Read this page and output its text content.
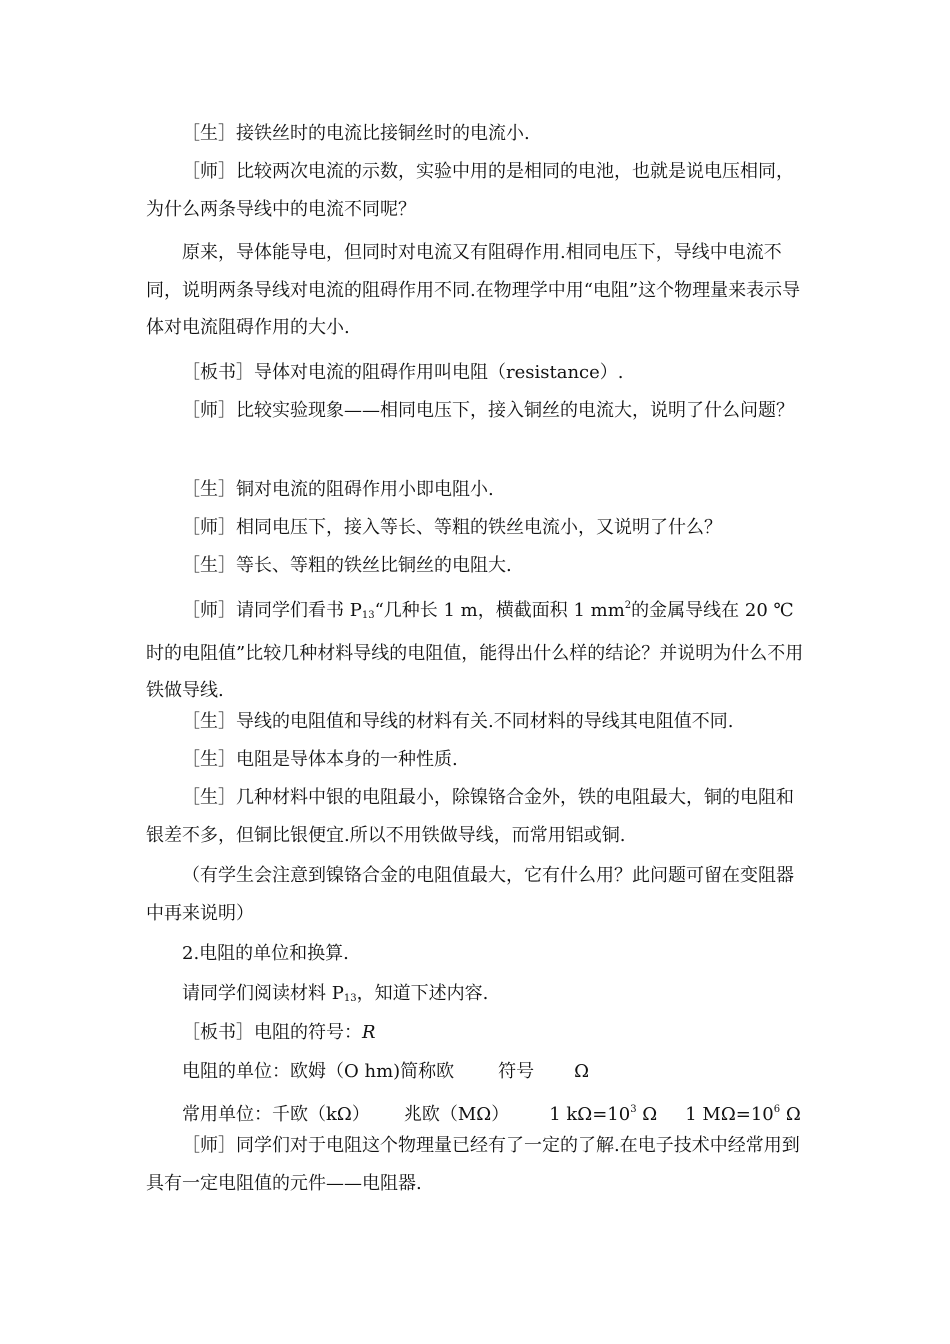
［生］接铁丝时的电流比接铜丝时的电流小.

［师］比较两次电流的示数，实验中用的是相同的电池，也就是说电压相同，为什么两条导线中的电流不同呢？

原来，导体能导电，但同时对电流又有阻碍作用.相同电压下，导线中电流不同，说明两条导线对电流的阻碍作用不同.在物理学中用“电阻”这个物理量来表示导体对电流阻碍作用的大小.

［板书］导体对电流的阻碍作用叫电阻（resistance）.

［师］比较实验现象——相同电压下，接入铜丝的电流大，说明了什么问题？

［生］铜对电流的阻碍作用小即电阻小.

［师］相同电压下，接入等长、等粗的铁丝电流小，又说明了什么？

［生］等长、等粗的铁丝比铜丝的电阻大.

［师］请同学们看书 $P_{13}“$几种长 1 m，横截面积 1 $mm^2$的金属导线在 20 ℃时的电阻值”比较几种材料导线的电阻值，能得出什么样的结论？并说明为什么不用铁做导线.

［生］导线的电阻值和导线的材料有关.不同材料的导线其电阻值不同.

［生］电阻是导体本身的一种性质.

［生］几种材料中银的电阻最小，除镍铬合金外，铁的电阻最大，铜的电阻和银差不多，但铜比银便宜.所以不用铁做导线，而常用铝或铜.

（有学生会注意到镍铬合金的电阻值最大，它有什么用？此问题可留在变阻器中再来说明）

2.电阻的单位和换算.

请同学们阅读材料 $P_{13}$，知道下述内容.

［板书］电阻的符号：R

电阻的单位：欧姆（O hm)简称欧 符号 Ω

常用单位：千欧（kΩ） 兆欧（MΩ） 1 $k\Omega=10^3$ Ω 1 $M\Omega=10^6$ Ω

［师］同学们对于电阻这个物理量已经有了一定的了解.在电子技术中经常用到具有一定电阻值的元件——电阻器.
